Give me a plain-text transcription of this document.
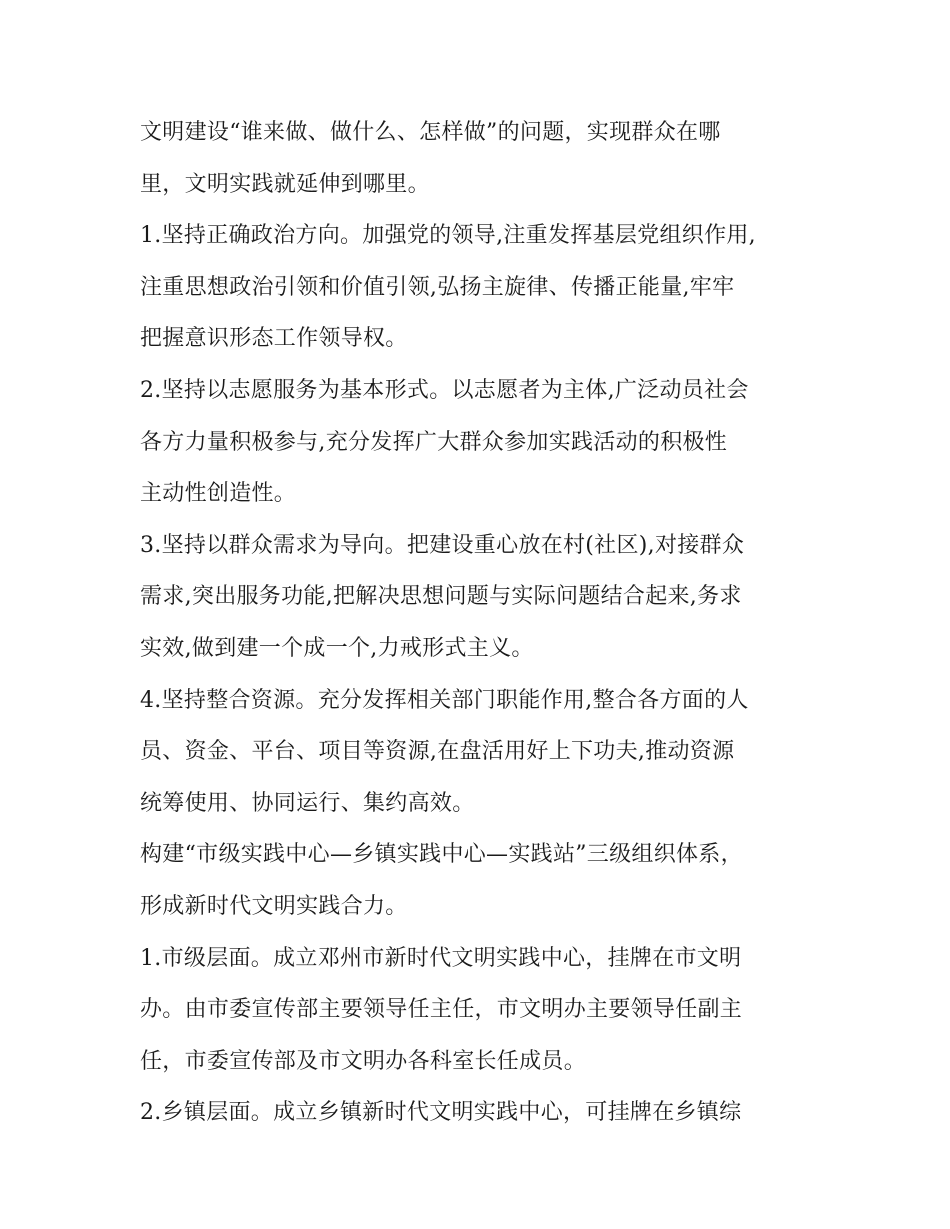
文明建设“谁来做、做什么、怎样做”的问题，实现群众在哪
里，文明实践就延伸到哪里。
1.坚持正确政治方向。加强党的领导,注重发挥基层党组织作用,
注重思想政治引领和价值引领,弘扬主旋律、传播正能量,牢牢
把握意识形态工作领导权。
2.坚持以志愿服务为基本形式。以志愿者为主体,广泛动员社会
各方力量积极参与,充分发挥广大群众参加实践活动的积极性
主动性创造性。
3.坚持以群众需求为导向。把建设重心放在村(社区),对接群众
需求,突出服务功能,把解决思想问题与实际问题结合起来,务求
实效,做到建一个成一个,力戒形式主义。
4.坚持整合资源。充分发挥相关部门职能作用,整合各方面的人
员、资金、平台、项目等资源,在盘活用好上下功夫,推动资源
统筹使用、协同运行、集约高效。
构建“市级实践中心—乡镇实践中心—实践站”三级组织体系，
形成新时代文明实践合力。
1.市级层面。成立邓州市新时代文明实践中心，挂牌在市文明
办。由市委宣传部主要领导任主任，市文明办主要领导任副主
任，市委宣传部及市文明办各科室长任成员。
2.乡镇层面。成立乡镇新时代文明实践中心，可挂牌在乡镇综
